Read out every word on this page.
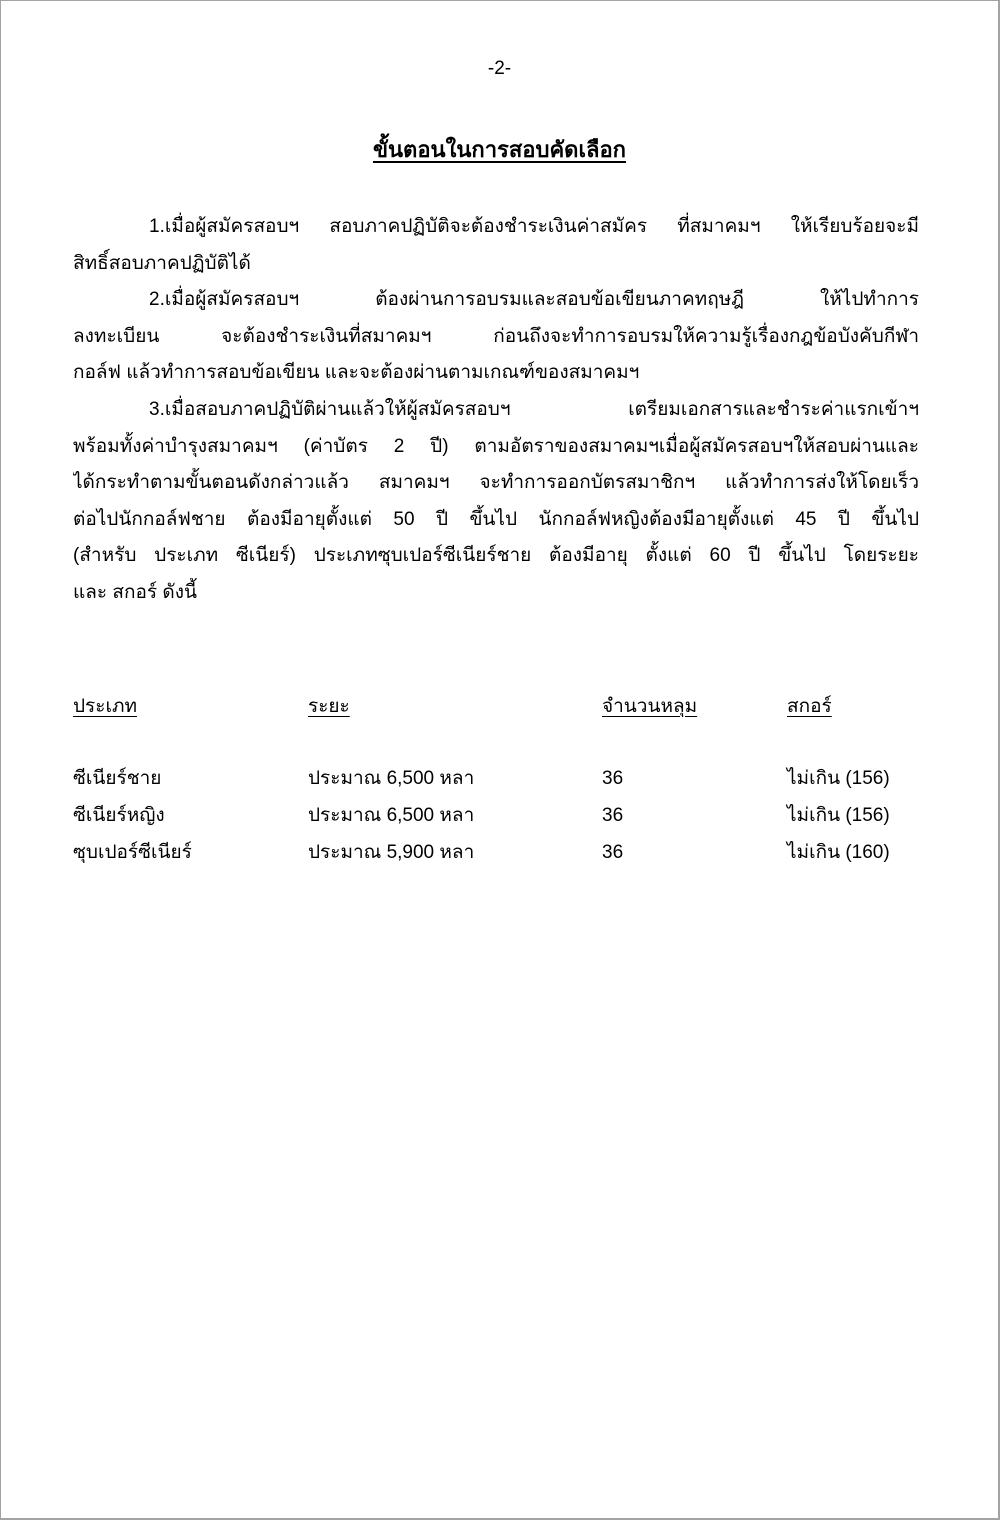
-2-
ขั้นตอนในการสอบคัดเลือก
1.เมื่อผู้สมัครสอบฯ สอบภาคปฏิบัติจะต้องชำระเงินค่าสมัคร ที่สมาคมฯ ให้เรียบร้อยจะมี
สิทธิ์สอบภาคปฏิบัติได้
2.เมื่อผู้สมัครสอบฯ ต้องผ่านการอบรมและสอบข้อเขียนภาคทฤษฎี ให้ไปทำการ
ลงทะเบียน จะต้องชำระเงินที่สมาคมฯ ก่อนถึงจะทำการอบรมให้ความรู้เรื่องกฎข้อบังคับกีฬา
กอล์ฟ แล้วทำการสอบข้อเขียน และจะต้องผ่านตามเกณฑ์ของสมาคมฯ
3.เมื่อสอบภาคปฏิบัติผ่านแล้วให้ผู้สมัครสอบฯ เตรียมเอกสารและชำระค่าแรกเข้าฯ
พร้อมทั้งค่าบำรุงสมาคมฯ (ค่าบัตร 2 ปี) ตามอัตราของสมาคมฯเมื่อผู้สมัครสอบฯให้สอบผ่านและ
ได้กระทำตามขั้นตอนดังกล่าวแล้ว สมาคมฯ จะทำการออกบัตรสมาชิกฯ แล้วทำการส่งให้โดยเร็ว
ต่อไปนักกอล์ฟชาย ต้องมีอายุตั้งแต่ 50 ปี ขึ้นไป นักกอล์ฟหญิงต้องมีอายุตั้งแต่ 45 ปี ขึ้นไป
(สำหรับ ประเภท ซีเนียร์) ประเภทซุบเปอร์ซีเนียร์ชาย ต้องมีอายุ ตั้งแต่ 60 ปี ขึ้นไป โดยระยะ
และ สกอร์ ดังนี้
ประเภท	ระยะ	จำนวนหลุม	สกอร์
ซีเนียร์ชาย	ประมาณ 6,500 หลา	36	ไม่เกิน (156)
ซีเนียร์หญิง	ประมาณ 6,500 หลา	36	ไม่เกิน (156)
ซุบเปอร์ซีเนียร์	ประมาณ 5,900 หลา	36	ไม่เกิน (160)
